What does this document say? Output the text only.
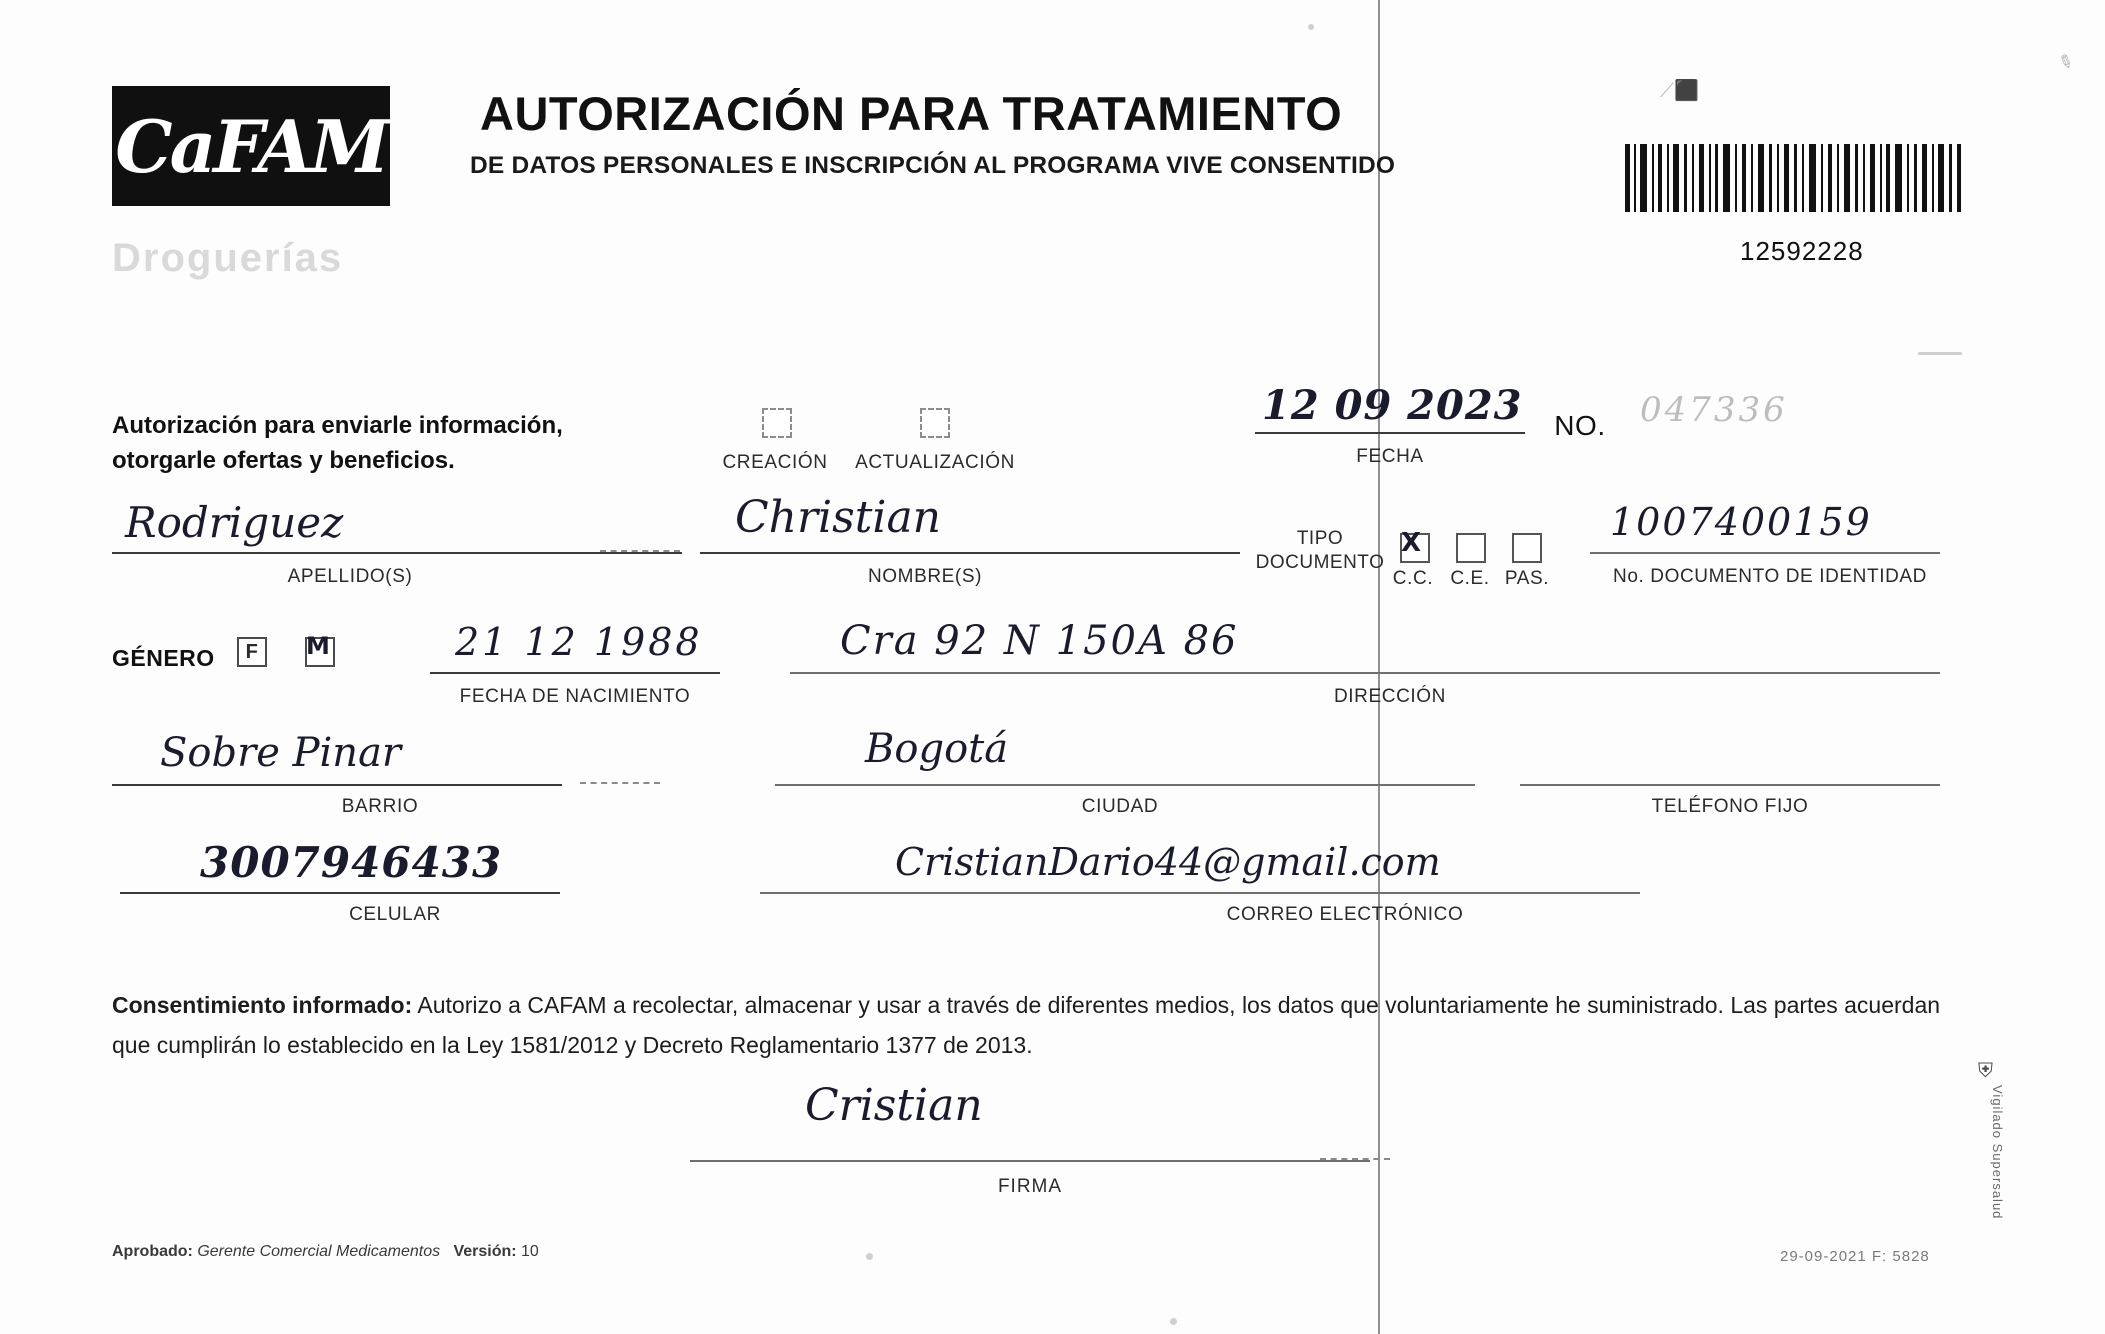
CaFAM
Droguerías
AUTORIZACIÓN PARA TRATAMIENTO
DE DATOS PERSONALES E INSCRIPCIÓN AL PROGRAMA VIVE CONSENTIDO
12592228
⟋⬛
✎
Autorización para enviarle información,
otorgarle ofertas y beneficios.	CREACIÓN	ACTUALIZACIÓN
12 09 2023
FECHA
NO. 047336
Rodriguez
APELLIDO(S)
Christian
NOMBRE(S)
TIPO
DOCUMENTO
X
C.C. C.E. PAS.
1007400159
No. DOCUMENTO DE IDENTIDAD
GÉNERO	F M	21 12 1988
FECHA DE NACIMIENTO
Cra 92 N 150A 86
DIRECCIÓN
Sobre Pinar
BARRIO
Bogotá
CIUDAD	TELÉFONO FIJO
3007946433
CELULAR
CristianDario44@gmail.com
CORREO ELECTRÓNICO
Consentimiento informado: Autorizo a CAFAM a recolectar, almacenar y usar a través de diferentes medios, los datos que voluntariamente he suministrado. Las partes acuerdan que cumplirán lo establecido en la Ley 1581/2012 y Decreto Reglamentario 1377 de 2013.
Cristian
FIRMA
Aprobado: Gerente Comercial Medicamentos Versión: 10	29-09-2021 F: 5828
Vigilado Supersalud
⛨
